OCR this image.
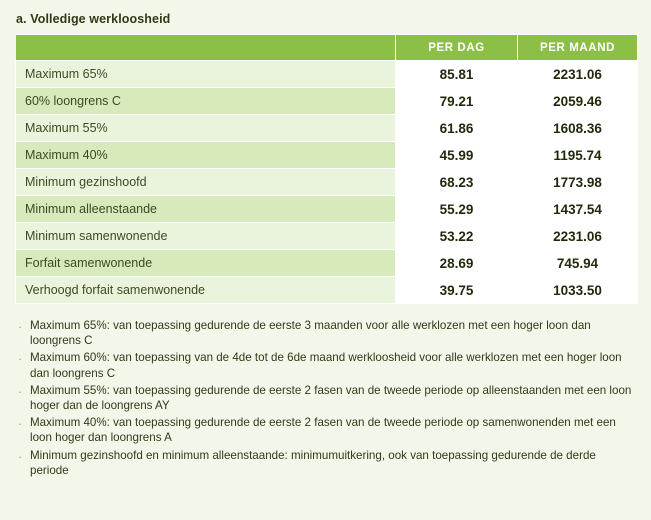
a. Volledige werkloosheid
	PER DAG	PER MAAND
Maximum 65%	85.81	2231.06
60% loongrens C	79.21	2059.46
Maximum 55%	61.86	1608.36
Maximum 40%	45.99	1195.74
Minimum gezinshoofd	68.23	1773.98
Minimum alleenstaande	55.29	1437.54
Minimum samenwonende	53.22	2231.06
Forfait samenwonende	28.69	745.94
Verhoogd forfait samenwonende	39.75	1033.50
· Maximum 65%: van toepassing gedurende de eerste 3 maanden voor alle werklozen met een hoger loon dan loongrens C
· Maximum 60%: van toepassing van de 4de tot de 6de maand werkloosheid voor alle werklozen met een hoger loon dan loongrens C
· Maximum 55%: van toepassing gedurende de eerste 2 fasen van de tweede periode op alleenstaanden met een loon hoger dan de loongrens AY
· Maximum 40%: van toepassing gedurende de eerste 2 fasen van de tweede periode op samenwonenden met een loon hoger dan loongrens A
· Minimum gezinshoofd en minimum alleenstaande: minimumuitkering, ook van toepassing gedurende de derde periode
